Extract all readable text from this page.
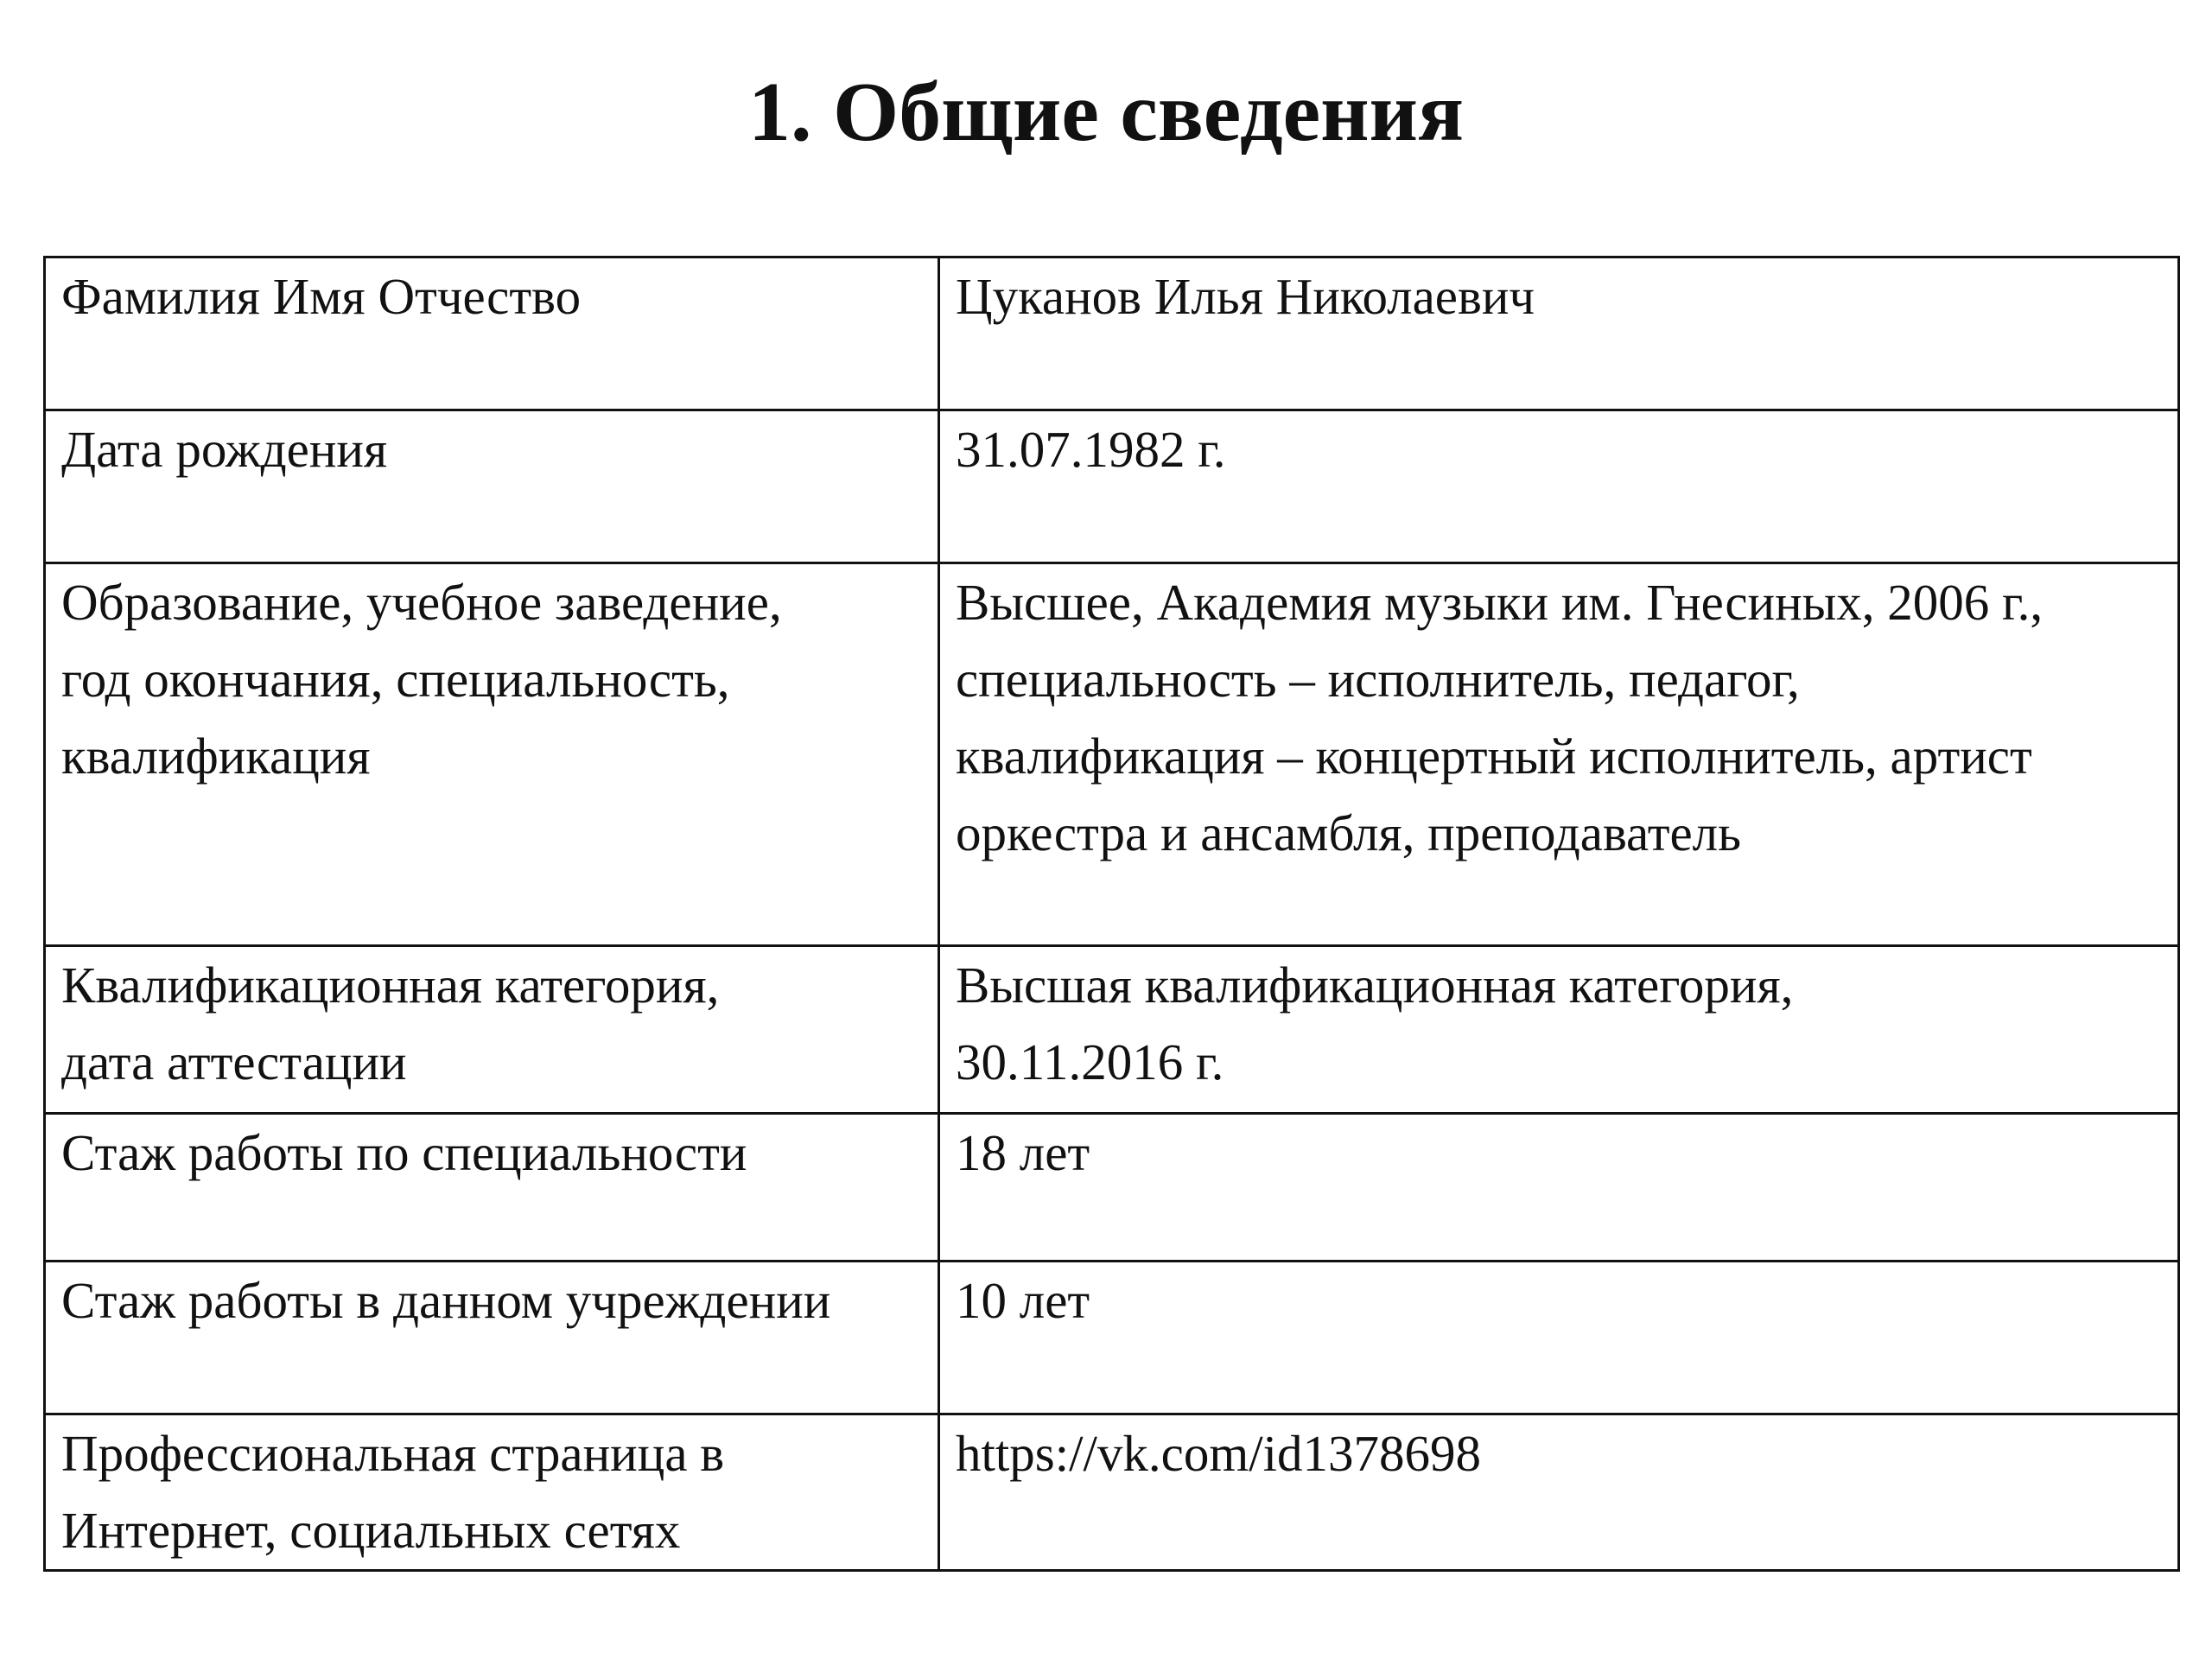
1. Общие сведения
Фамилия Имя Отчество	Цуканов Илья Николаевич
Дата рождения	31.07.1982 г.
Образование, учебное заведение,
год окончания, специальность,
квалификация	Высшее, Академия музыки им. Гнесиных, 2006 г.,
специальность – исполнитель, педагог,
квалификация – концертный исполнитель, артист
оркестра и ансамбля, преподаватель
Квалификационная категория,
дата аттестации	Высшая квалификационная категория,
30.11.2016 г.
Стаж работы по специальности	18 лет
Стаж работы в данном учреждении	10 лет
Профессиональная страница в
Интернет, социальных сетях	https://vk.com/id1378698
